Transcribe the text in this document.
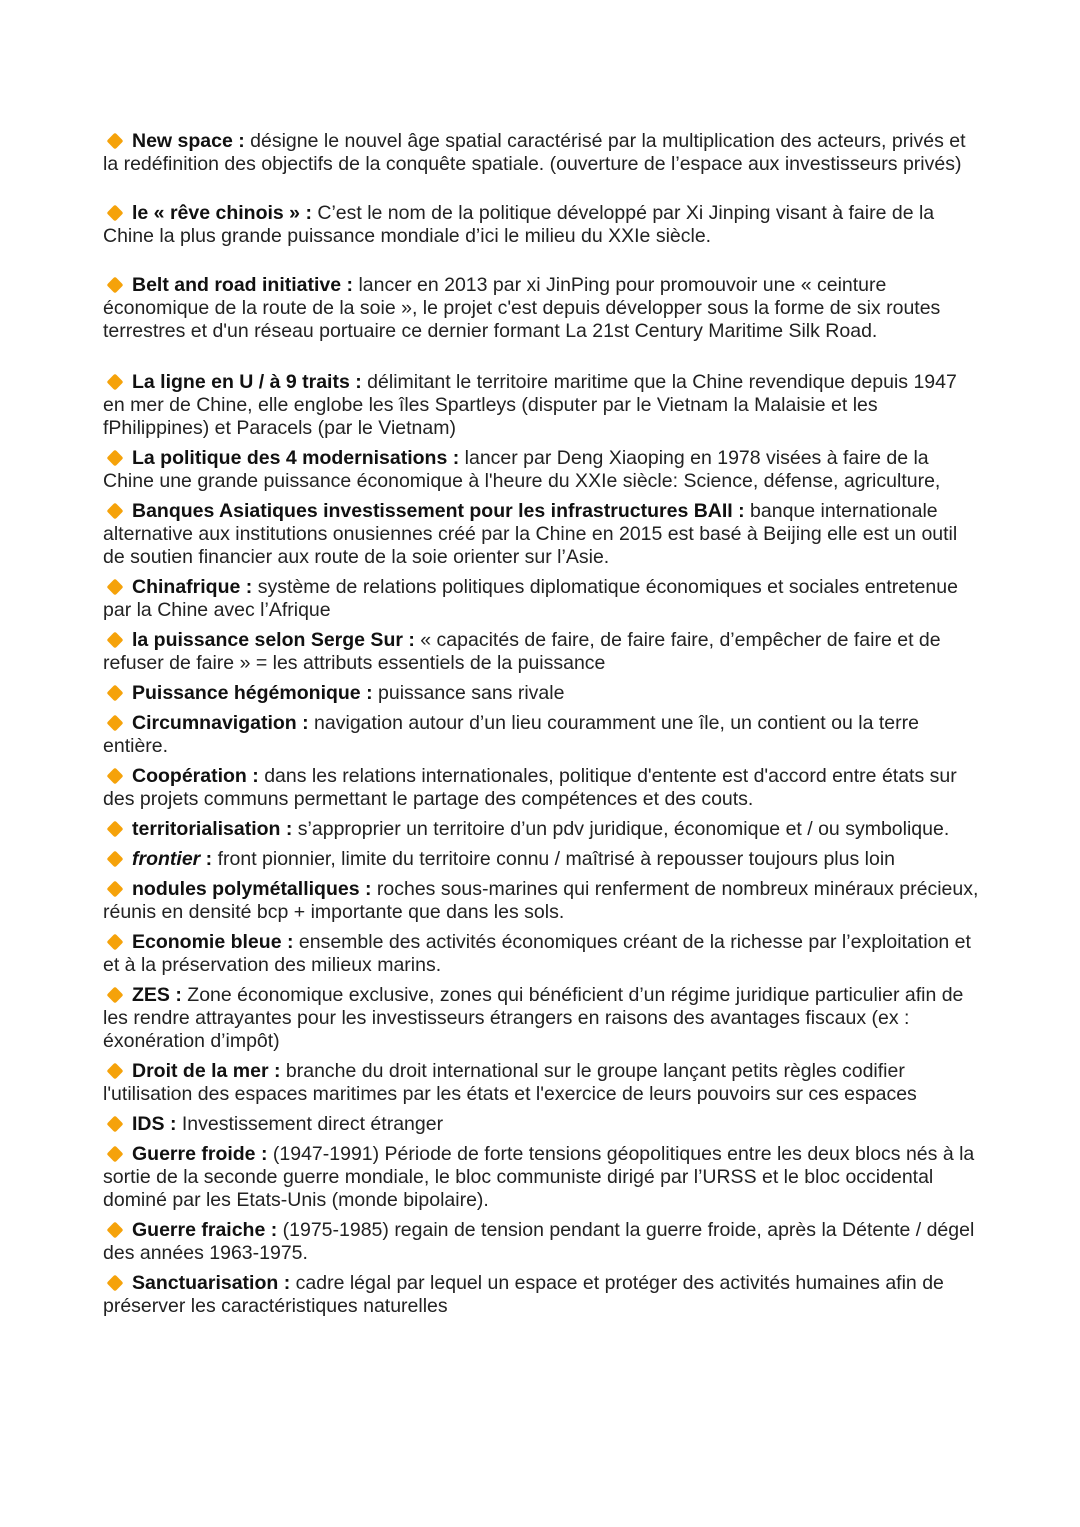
New space : désigne le nouvel âge spatial caractérisé par la multiplication des acteurs, privés et la redéfinition des objectifs de la conquête spatiale. (ouverture de l’espace aux investisseurs privés)

le « rêve chinois » : C’est le nom de la politique développé par Xi Jinping visant à faire de la Chine la plus grande puissance mondiale d’ici le milieu du XXIe siècle.

Belt and road initiative : lancer en 2013 par xi JinPing pour promouvoir une « ceinture économique de la route de la soie », le projet c'est depuis développer sous la forme de six routes terrestres et d'un réseau portuaire ce dernier formant La 21st Century Maritime Silk Road.

La ligne en U / à 9 traits : délimitant le territoire maritime que la Chine revendique depuis 1947 en mer de Chine, elle englobe les îles Spartleys (disputer par le Vietnam la Malaisie et les fPhilippines) et Paracels (par le Vietnam)

La politique des 4 modernisations : lancer par Deng Xiaoping en 1978 visées à faire de la Chine une grande puissance économique à l'heure du XXIe siècle: Science, défense, agriculture,

Banques Asiatiques investissement pour les infrastructures BAII : banque internationale alternative aux institutions onusiennes créé par la Chine en 2015 est basé à Beijing elle est un outil de soutien financier aux route de la soie orienter sur l’Asie.

Chinafrique : système de relations politiques diplomatique économiques et sociales entretenue par la Chine avec l’Afrique

la puissance selon Serge Sur : « capacités de faire, de faire faire, d’empêcher de faire et de refuser de faire » = les attributs essentiels de la puissance

Puissance hégémonique : puissance sans rivale

Circumnavigation : navigation autour d’un lieu couramment une île, un contient ou la terre entière.

Coopération : dans les relations internationales, politique d'entente est d'accord entre états sur des projets communs permettant le partage des compétences et des couts.

territorialisation : s’approprier un territoire d’un pdv juridique, économique et / ou symbolique.

frontier : front pionnier, limite du territoire connu / maîtrisé à repousser toujours plus loin

nodules polymétalliques : roches sous-marines qui renferment de nombreux minéraux précieux, réunis en densité bcp + importante que dans les sols.

Economie bleue : ensemble des activités économiques créant de la richesse par l’exploitation et et à la préservation des milieux marins.

ZES : Zone économique exclusive, zones qui bénéficient d’un régime juridique particulier afin de les rendre attrayantes pour les investisseurs étrangers en raisons des avantages fiscaux (ex : éxonération d’impôt)

Droit de la mer : branche du droit international sur le groupe lançant petits règles codifier l'utilisation des espaces maritimes par les états et l'exercice de leurs pouvoirs sur ces espaces

IDS : Investissement direct étranger

Guerre froide : (1947-1991) Période de forte tensions géopolitiques entre les deux blocs nés à la sortie de la seconde guerre mondiale, le bloc communiste dirigé par l’URSS et le bloc occidental dominé par les Etats-Unis (monde bipolaire).

Guerre fraiche : (1975-1985) regain de tension pendant la guerre froide, après la Détente / dégel des années 1963-1975.

Sanctuarisation : cadre légal par lequel un espace et protéger des activités humaines afin de préserver les caractéristiques naturelles
